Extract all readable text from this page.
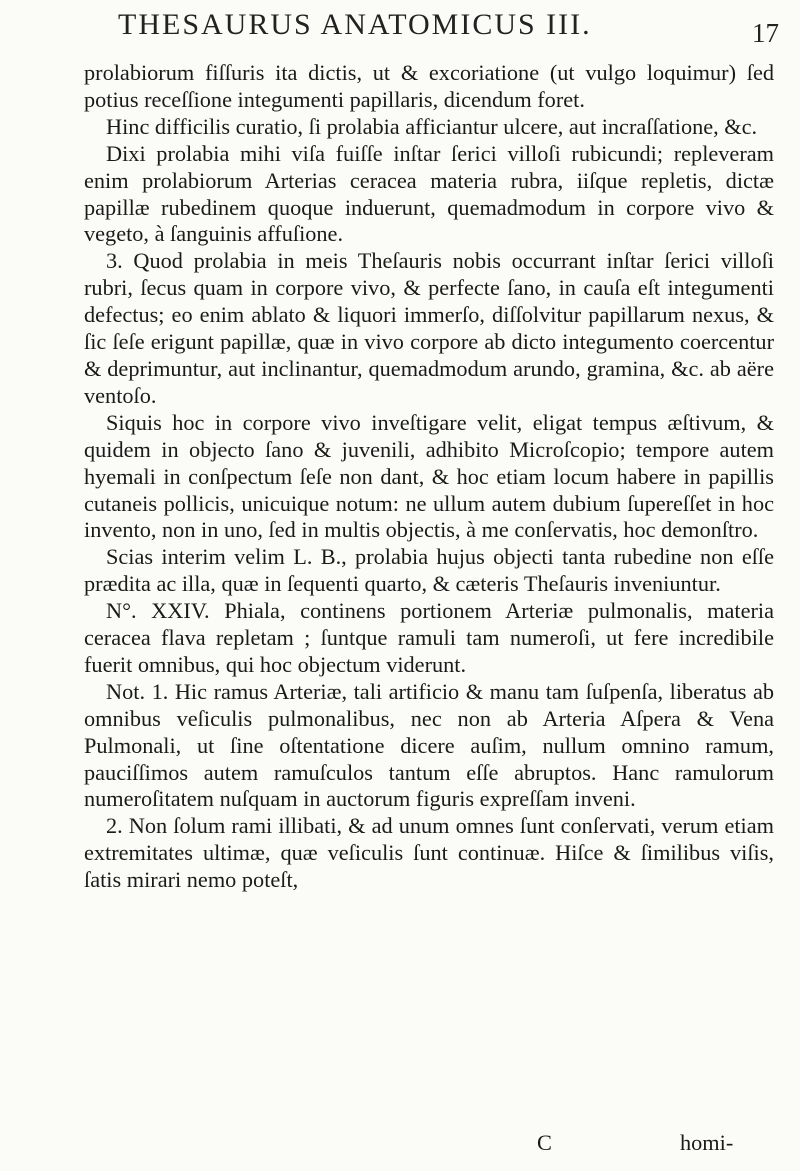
THESAURUS ANATOMICUS III.	17

prolabiorum fiſſuris ita dictis, ut & excoriatione (ut vulgo loquimur) ſed potius receſſione integumenti papillaris, dicendum foret.

Hinc difficilis curatio, ſi prolabia afficiantur ulcere, aut incraſſatione, &c.

Dixi prolabia mihi viſa fuiſſe inſtar ſerici villoſi rubicundi; repleveram enim prolabiorum Arterias ceracea materia rubra, iiſque repletis, dictæ papillæ rubedinem quoque induerunt, quemadmodum in corpore vivo & vegeto, à ſanguinis affuſione.

3. Quod prolabia in meis Theſauris nobis occurrant inſtar ſerici villoſi rubri, ſecus quam in corpore vivo, & perfecte ſano, in cauſa eſt integumenti defectus; eo enim ablato & liquori immerſo, diſſolvitur papillarum nexus, & ſic ſeſe erigunt papillæ, quæ in vivo corpore ab dicto integumento coercentur & deprimuntur, aut inclinantur, quemadmodum arundo, gramina, &c. ab aëre ventoſo.

Siquis hoc in corpore vivo inveſtigare velit, eligat tempus æſtivum, & quidem in objecto ſano & juvenili, adhibito Microſcopio; tempore autem hyemali in conſpectum ſeſe non dant, & hoc etiam locum habere in papillis cutaneis pollicis, unicuique notum: ne ullum autem dubium ſupereſſet in hoc invento, non in uno, ſed in multis objectis, à me conſervatis, hoc demonſtro.

Scias interim velim L. B., prolabia hujus objecti tanta rubedine non eſſe prædita ac illa, quæ in ſequenti quarto, & cæteris Theſauris inveniuntur.

N°. XXIV. Phiala, continens portionem Arteriæ pulmonalis, materia ceracea flava repletam ; ſuntque ramuli tam numeroſi, ut fere incredibile fuerit omnibus, qui hoc objectum viderunt.

Not. 1. Hic ramus Arteriæ, tali artificio & manu tam ſuſpenſa, liberatus ab omnibus veſiculis pulmonalibus, nec non ab Arteria Aſpera & Vena Pulmonali, ut ſine oſtentatione dicere auſim, nullum omnino ramum, pauciſſimos autem ramuſculos tantum eſſe abruptos. Hanc ramulorum numeroſitatem nuſquam in auctorum figuris expreſſam inveni.

2. Non ſolum rami illibati, & ad unum omnes ſunt conſervati, verum etiam extremitates ultimæ, quæ veſiculis ſunt continuæ. Hiſce & ſimilibus viſis, ſatis mirari nemo poteſt,

C	homi-
